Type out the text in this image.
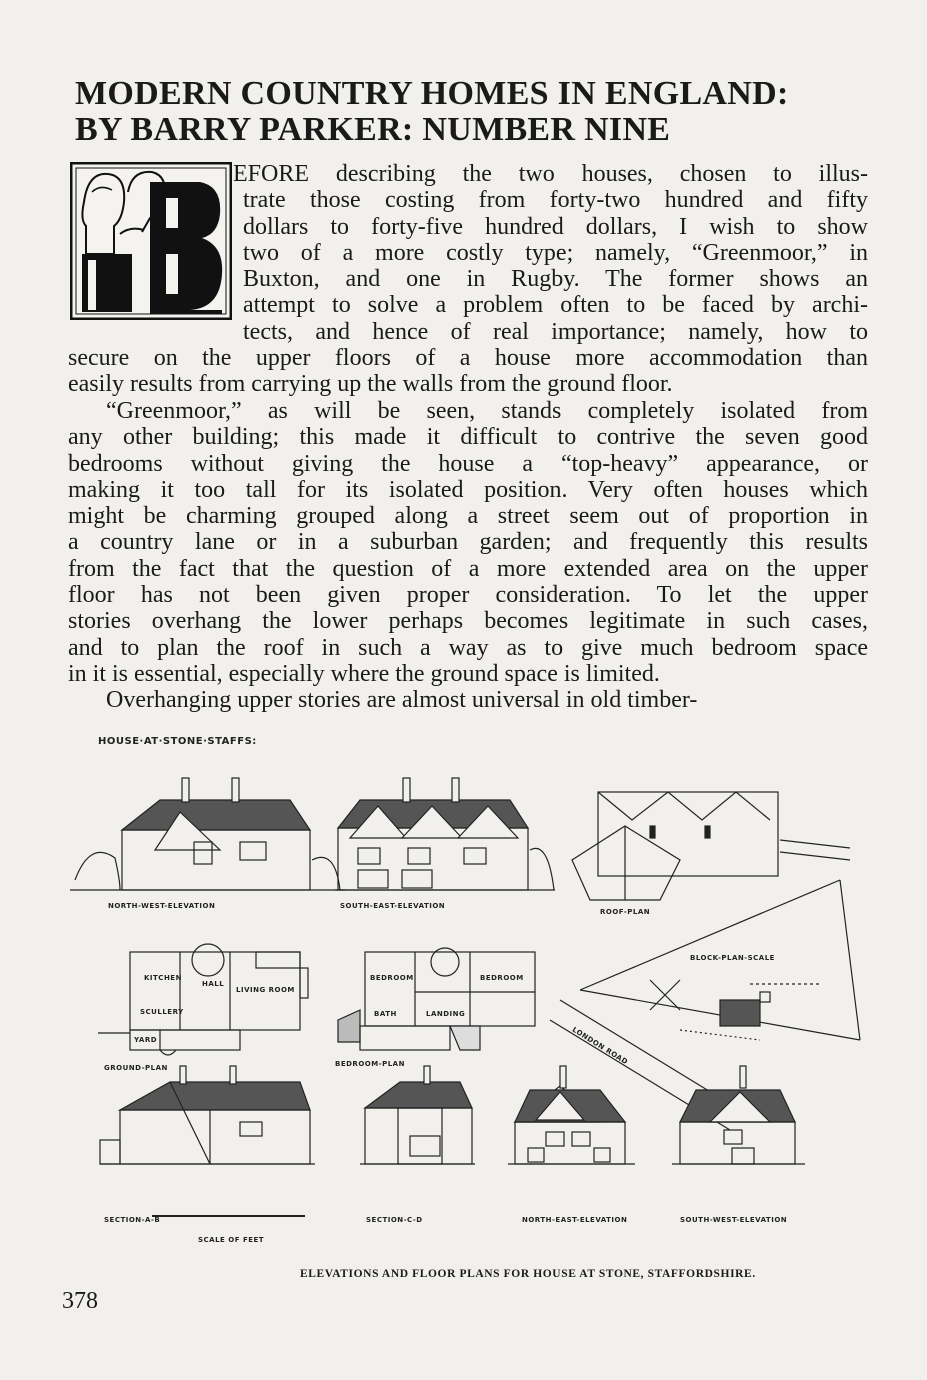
MODERN COUNTRY HOMES IN ENGLAND:
BY BARRY PARKER: NUMBER NINE
EFORE describing the two houses, chosen to illus-
trate those costing from forty-two hundred and fifty
dollars to forty-five hundred dollars, I wish to show
two of a more costly type; namely, “Greenmoor,” in
Buxton, and one in Rugby. The former shows an
attempt to solve a problem often to be faced by archi-
tects, and hence of real importance; namely, how to
secure on the upper floors of a house more accommodation than
easily results from carrying up the walls from the ground floor.
“Greenmoor,” as will be seen, stands completely isolated from
any other building; this made it difficult to contrive the seven good
bedrooms without giving the house a “top-heavy” appearance, or
making it too tall for its isolated position. Very often houses which
might be charming grouped along a street seem out of proportion in
a country lane or in a suburban garden; and frequently this results
from the fact that the question of a more extended area on the upper
floor has not been given proper consideration. To let the upper
stories overhang the lower perhaps becomes legitimate in such cases,
and to plan the roof in such a way as to give much bedroom space
in it is essential, especially where the ground space is limited.
Overhanging upper stories are almost universal in old timber-
HOUSE·AT·STONE·STAFFS:
NORTH-WEST-ELEVATION	SOUTH-EAST-ELEVATION
ROOF-PLAN
BLOCK-PLAN-SCALE
LONDON ROAD
KITCHEN
HALL
LIVING ROOM
SCULLERY
YARD
BEDROOM	BEDROOM
BATH	LANDING
GROUND-PLAN	BEDROOM-PLAN
SECTION-A-B	SECTION-C-D	NORTH-EAST-ELEVATION	SOUTH-WEST-ELEVATION
SCALE OF FEET
ELEVATIONS AND FLOOR PLANS FOR HOUSE AT STONE, STAFFORDSHIRE.
378
